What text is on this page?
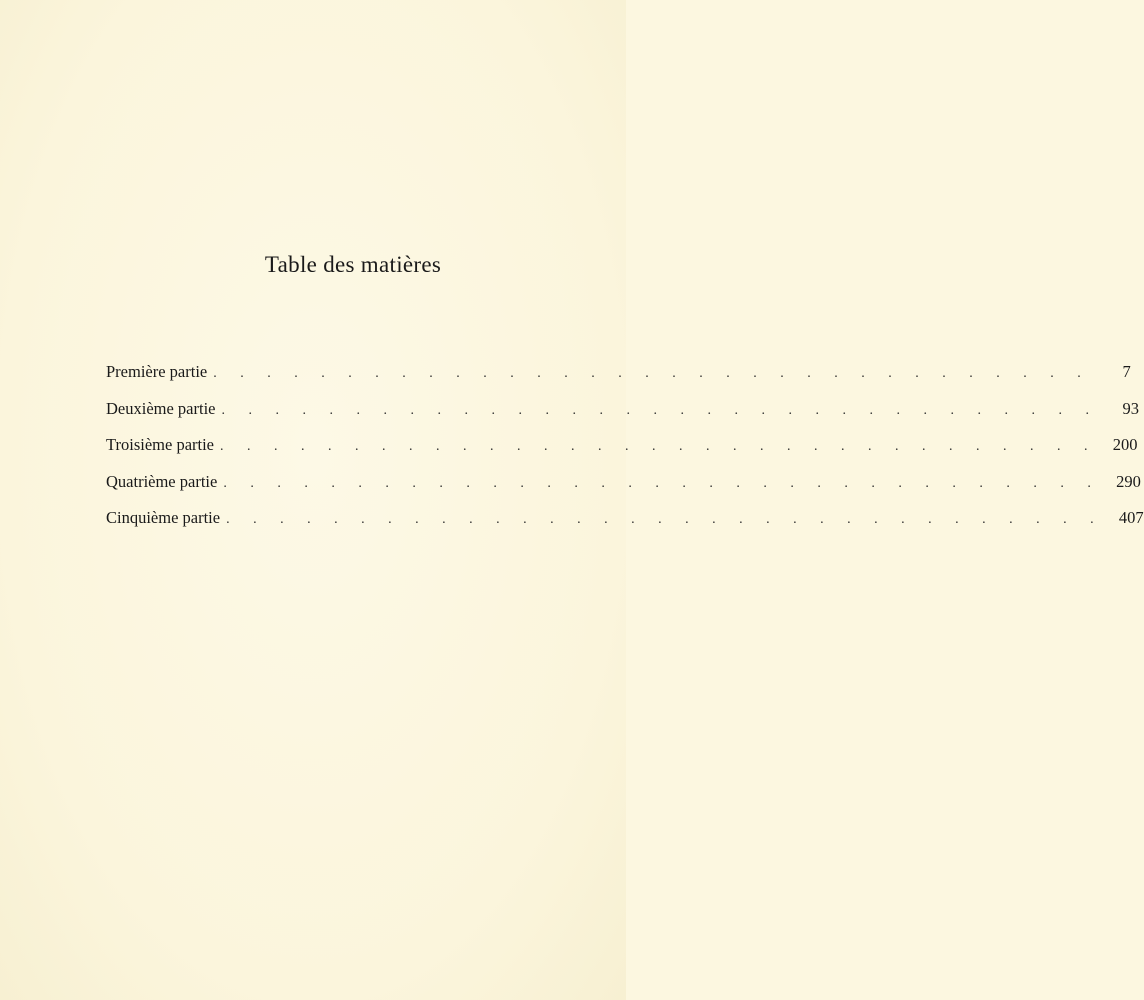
Table des matières
Première partie . . . . . . . . . . . . . . . . . . . . . . . . . . . . . . . . .	7
Deuxième partie . . . . . . . . . . . . . . . . . . . . . . . . . . . . . . . . .	93
Troisième partie . . . . . . . . . . . . . . . . . . . . . . . . . . . . . . . . . 200
Quatrième partie . . . . . . . . . . . . . . . . . . . . . . . . . . . . . . . . . 290
Cinquième partie . . . . . . . . . . . . . . . . . . . . . . . . . . . . . . . . . 407
